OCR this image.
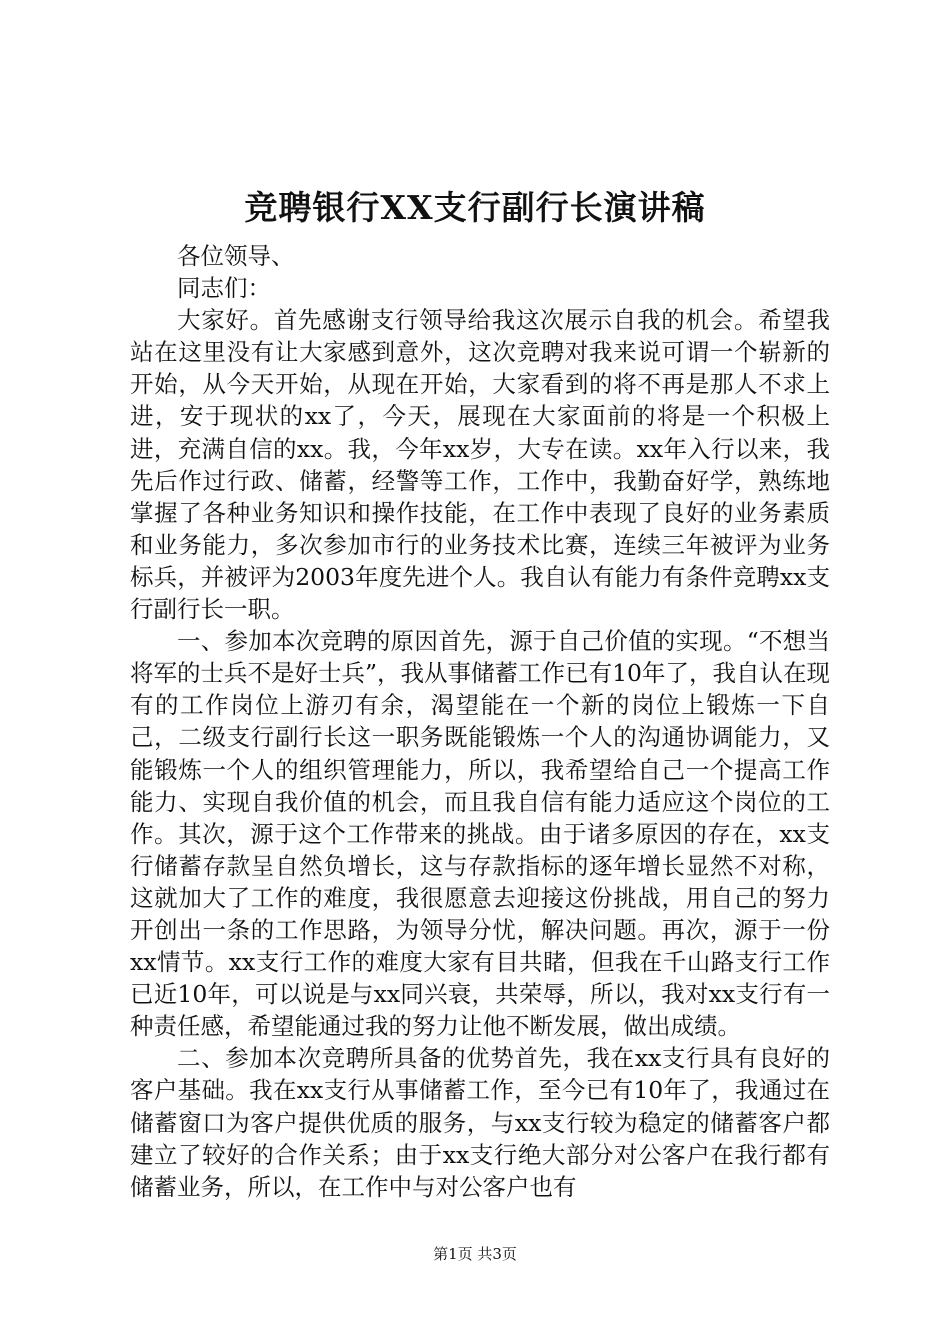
竞聘银行XX支行副行长演讲稿

各位领导、

同志们：

大家好。首先感谢支行领导给我这次展示自我的机会。希望我站在这里没有让大家感到意外，这次竞聘对我来说可谓一个崭新的开始，从今天开始，从现在开始，大家看到的将不再是那人不求上进，安于现状的xx了，今天，展现在大家面前的将是一个积极上进，充满自信的xx。我，今年xx岁，大专在读。xx年入行以来，我先后作过行政、储蓄，经警等工作，工作中，我勤奋好学，熟练地掌握了各种业务知识和操作技能，在工作中表现了良好的业务素质和业务能力，多次参加市行的业务技术比赛，连续三年被评为业务标兵，并被评为2003年度先进个人。我自认有能力有条件竞聘xx支行副行长一职。

一、参加本次竞聘的原因首先，源于自己价值的实现。“不想当将军的士兵不是好士兵”，我从事储蓄工作已有10年了，我自认在现有的工作岗位上游刃有余，渴望能在一个新的岗位上锻炼一下自己，二级支行副行长这一职务既能锻炼一个人的沟通协调能力，又能锻炼一个人的组织管理能力，所以，我希望给自己一个提高工作能力、实现自我价值的机会，而且我自信有能力适应这个岗位的工作。其次，源于这个工作带来的挑战。由于诸多原因的存在，xx支行储蓄存款呈自然负增长，这与存款指标的逐年增长显然不对称，这就加大了工作的难度，我很愿意去迎接这份挑战，用自己的努力开创出一条的工作思路，为领导分忧，解决问题。再次，源于一份xx情节。xx支行工作的难度大家有目共睹，但我在千山路支行工作已近10年，可以说是与xx同兴衰，共荣辱，所以，我对xx支行有一种责任感，希望能通过我的努力让他不断发展，做出成绩。

二、参加本次竞聘所具备的优势首先，我在xx支行具有良好的客户基础。我在xx支行从事储蓄工作，至今已有10年了，我通过在储蓄窗口为客户提供优质的服务，与xx支行较为稳定的储蓄客户都建立了较好的合作关系；由于xx支行绝大部分对公客户在我行都有储蓄业务，所以，在工作中与对公客户也有

第1页 共3页
